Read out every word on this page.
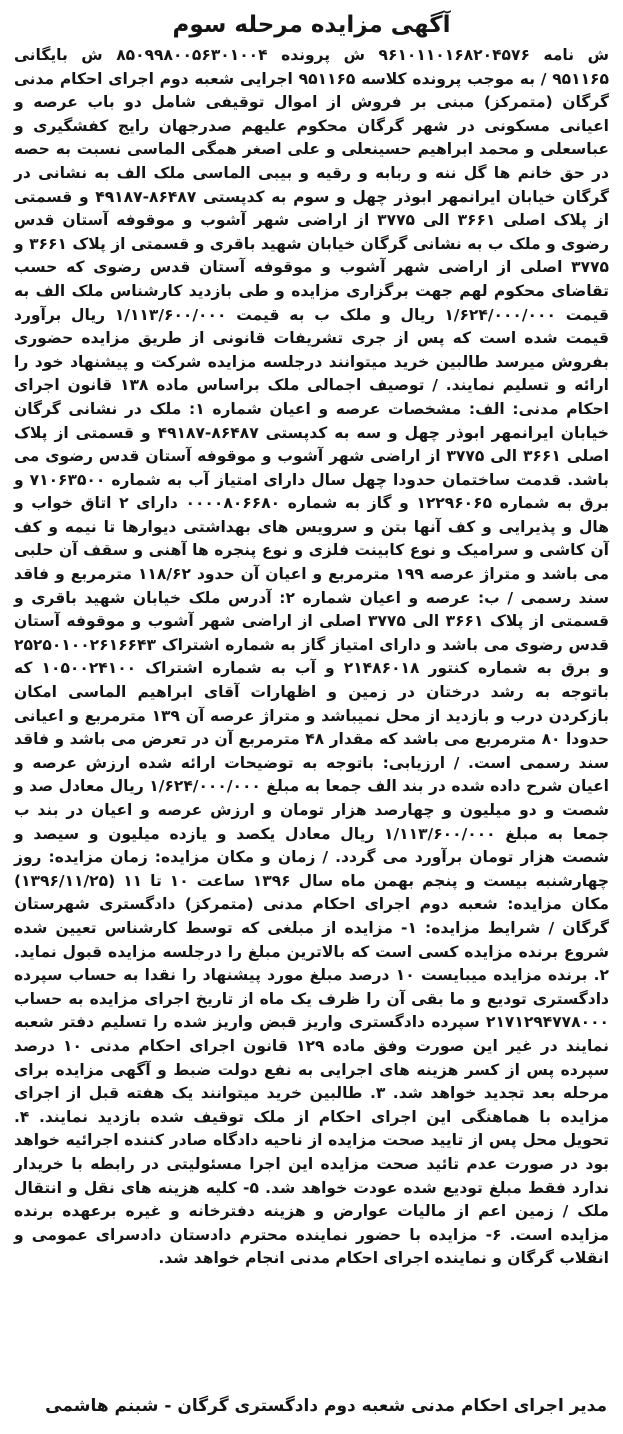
آگهی مزایده مرحله سوم

ش نامه ۹۶۱۰۱۱۰۱۶۸۲۰۴۵۷۶ ش پرونده ۸۵۰۹۹۸۰۰۵۶۳۰۱۰۰۴ ش بایگانی ۹۵۱۱۶۵ / به موجب پرونده کلاسه ۹۵۱۱۶۵ اجرایی شعبه دوم اجرای احکام مدنی گرگان (متمرکز) مبنی بر فروش از اموال توقیفی شامل دو باب عرصه و اعیانی مسکونی در شهر گرگان محکوم علیهم صدرجهان رایج کفشگیری و عباسعلی و محمد ابراهیم حسینعلی و علی اصغر همگی الماسی نسبت به حصه در حق خانم ها گل ننه و ربابه و رقیه و بیبی الماسی ملک الف به نشانی در گرگان خیابان ایرانمهر ابوذر چهل و سوم به کدپستی ۸۶۴۸۷-۴۹۱۸۷ و قسمتی از پلاک اصلی ۳۶۶۱ الی ۳۷۷۵ از اراضی شهر آشوب و موقوفه آستان قدس رضوی و ملک ب به نشانی گرگان خیابان شهید باقری و قسمتی از پلاک ۳۶۶۱ و ۳۷۷۵ اصلی از اراضی شهر آشوب و موقوفه آستان قدس رضوی که حسب تقاضای محکوم لهم جهت برگزاری مزایده و طی بازدید کارشناس ملک الف به قیمت ۱/۶۲۴/۰۰۰/۰۰۰ ریال و ملک ب به قیمت ۱/۱۱۳/۶۰۰/۰۰۰ ریال برآورد قیمت شده است که پس از جری تشریفات قانونی از طریق مزایده حضوری بفروش میرسد طالبین خرید میتوانند درجلسه مزایده شرکت و پیشنهاد خود را ارائه و تسلیم نمایند. / توصیف اجمالی ملک براساس ماده ۱۳۸ قانون اجرای احکام مدنی: الف: مشخصات عرصه و اعیان شماره ۱: ملک در نشانی گرگان خیابان ایرانمهر ابوذر چهل و سه به کدپستی ۸۶۴۸۷-۴۹۱۸۷ و قسمتی از پلاک اصلی ۳۶۶۱ الی ۳۷۷۵ از اراضی شهر آشوب و موقوفه آستان قدس رضوی می باشد. قدمت ساختمان حدودا چهل سال دارای امتیاز آب به شماره ۷۱۰۶۳۵۰۰ و برق به شماره ۱۲۲۹۶۰۶۵ و گاز به شماره ۰۰۰۰۸۰۶۶۸۰ دارای ۲ اتاق خواب و هال و پذیرایی و کف آنها بتن و سرویس های بهداشتی دیوارها تا نیمه و کف آن کاشی و سرامیک و نوع کابینت فلزی و نوع پنجره ها آهنی و سقف آن حلبی می باشد و متراژ عرصه ۱۹۹ مترمربع و اعیان آن حدود ۱۱۸/۶۲ مترمربع و فاقد سند رسمی / ب: عرصه و اعیان شماره ۲: آدرس ملک خیابان شهید باقری و قسمتی از پلاک ۳۶۶۱ الی ۳۷۷۵ اصلی از اراضی شهر آشوب و موقوفه آستان قدس رضوی می باشد و دارای امتیاز گاز به شماره اشتراک ۲۵۲۵۰۱۰۰۲۶۱۶۶۴۳ و برق به شماره کنتور ۲۱۴۸۶۰۱۸ و آب به شماره اشتراک ۱۰۵۰۰۲۴۱۰۰ که باتوجه به رشد درختان در زمین و اظهارات آقای ابراهیم الماسی امکان بازکردن درب و بازدید از محل نمیباشد و متراژ عرصه آن ۱۳۹ مترمربع و اعیانی حدودا ۸۰ مترمربع می باشد که مقدار ۴۸ مترمربع آن در تعرض می باشد و فاقد سند رسمی است. / ارزیابی: باتوجه به توضیحات ارائه شده ارزش عرصه و اعیان شرح داده شده در بند الف جمعا به مبلغ ۱/۶۲۴/۰۰۰/۰۰۰ ریال معادل صد و شصت و دو میلیون و چهارصد هزار تومان و ارزش عرصه و اعیان در بند ب جمعا به مبلغ ۱/۱۱۳/۶۰۰/۰۰۰ ریال معادل یکصد و یازده میلیون و سیصد و شصت هزار تومان برآورد می گردد. / زمان و مکان مزایده: زمان مزایده: روز چهارشنبه بیست و پنجم بهمن ماه سال ۱۳۹۶ ساعت ۱۰ تا ۱۱ (۱۳۹۶/۱۱/۲۵) مکان مزایده: شعبه دوم اجرای احکام مدنی (متمرکز) دادگستری شهرستان گرگان / شرایط مزایده: ۱- مزایده از مبلغی که توسط کارشناس تعیین شده شروع برنده مزایده کسی است که بالاترین مبلغ را درجلسه مزایده قبول نماید. ۲. برنده مزایده میبایست ۱۰ درصد مبلغ مورد پیشنهاد را نقدا به حساب سپرده دادگستری تودیع و ما بقی آن را ظرف یک ماه از تاریخ اجرای مزایده به حساب ۲۱۷۱۲۹۴۷۷۸۰۰۰ سپرده دادگستری واریز قبض واریز شده را تسلیم دفتر شعبه نمایند در غیر این صورت وفق ماده ۱۲۹ قانون اجرای احکام مدنی ۱۰ درصد سپرده پس از کسر هزینه های اجرایی به نفع دولت ضبط و آگهی مزایده برای مرحله بعد تجدید خواهد شد. ۳. طالبین خرید میتوانند یک هفته قبل از اجرای مزایده با هماهنگی این اجرای احکام از ملک توقیف شده بازدید نمایند. ۴. تحویل محل پس از تایید صحت مزایده از ناحیه دادگاه صادر کننده اجرائیه خواهد بود در صورت عدم تائید صحت مزایده این اجرا مسئولیتی در رابطه با خریدار ندارد فقط مبلغ تودیع شده عودت خواهد شد. ۵- کلیه هزینه های نقل و انتقال ملک / زمین اعم از مالیات عوارض و هزینه دفترخانه و غیره برعهده برنده مزایده است. ۶- مزایده با حضور نماینده محترم دادستان دادسرای عمومی و انقلاب گرگان و نماینده اجرای احکام مدنی انجام خواهد شد.

مدیر اجرای احکام مدنی شعبه دوم دادگستری گرگان - شبنم هاشمی
